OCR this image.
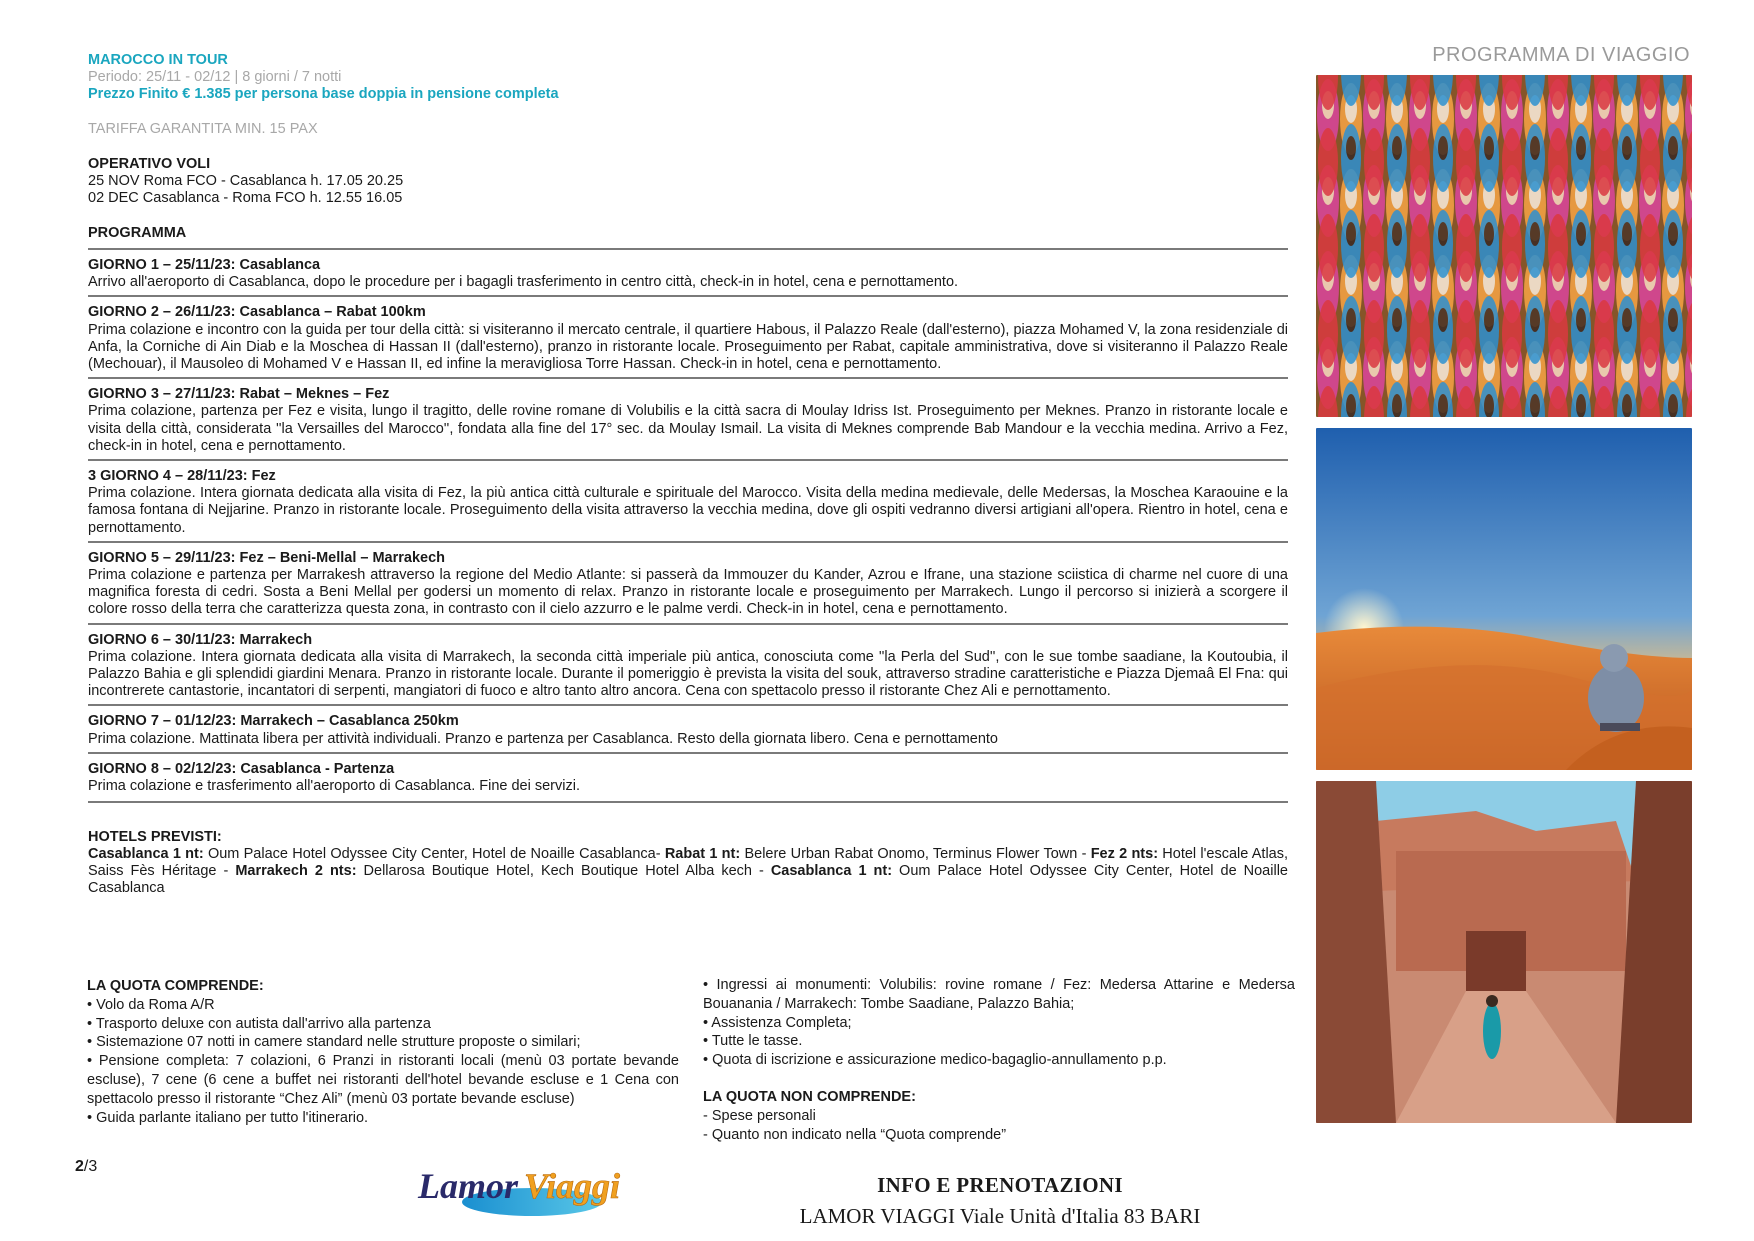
PROGRAMMA DI VIAGGIO
MAROCCO IN TOUR
Periodo: 25/11 - 02/12 | 8 giorni / 7 notti
Prezzo Finito € 1.385 per persona base doppia in pensione completa
TARIFFA GARANTITA MIN. 15 PAX
OPERATIVO VOLI
25 NOV Roma FCO - Casablanca h. 17.05 20.25
02 DEC Casablanca - Roma FCO h. 12.55 16.05
PROGRAMMA
GIORNO 1 – 25/11/23: Casablanca
Arrivo all'aeroporto di Casablanca, dopo le procedure per i bagagli trasferimento in centro città, check-in in hotel, cena e pernottamento.
GIORNO 2 – 26/11/23: Casablanca – Rabat 100km
Prima colazione e incontro con la guida per tour della città: si visiteranno il mercato centrale, il quartiere Habous, il Palazzo Reale (dall'esterno), piazza Mohamed V, la zona residenziale di Anfa, la Corniche di Ain Diab e la Moschea di Hassan II (dall'esterno), pranzo in ristorante locale. Proseguimento per Rabat, capitale amministrativa, dove si visiteranno il Palazzo Reale (Mechouar), il Mausoleo di Mohamed V e Hassan II, ed infine la meravigliosa Torre Hassan. Check-in in hotel, cena e pernottamento.
GIORNO 3 – 27/11/23: Rabat – Meknes – Fez
Prima colazione, partenza per Fez e visita, lungo il tragitto, delle rovine romane di Volubilis e la città sacra di Moulay Idriss Ist. Proseguimento per Meknes. Pranzo in ristorante locale e visita della città, considerata ''la Versailles del Marocco'', fondata alla fine del 17° sec. da Moulay Ismail. La visita di Meknes comprende Bab Mandour e la vecchia medina. Arrivo a Fez, check-in in hotel, cena e pernottamento.
3 GIORNO 4 – 28/11/23: Fez
Prima colazione. Intera giornata dedicata alla visita di Fez, la più antica città culturale e spirituale del Marocco. Visita della medina medievale, delle Medersas, la Moschea Karaouine e la famosa fontana di Nejjarine. Pranzo in ristorante locale. Proseguimento della visita attraverso la vecchia medina, dove gli ospiti vedranno diversi artigiani all'opera. Rientro in hotel, cena e pernottamento.
GIORNO 5 – 29/11/23: Fez – Beni-Mellal – Marrakech
Prima colazione e partenza per Marrakesh attraverso la regione del Medio Atlante: si passerà da Immouzer du Kander, Azrou e Ifrane, una stazione sciistica di charme nel cuore di una magnifica foresta di cedri. Sosta a Beni Mellal per godersi un momento di relax. Pranzo in ristorante locale e proseguimento per Marrakech. Lungo il percorso si inizierà a scorgere il colore rosso della terra che caratterizza questa zona, in contrasto con il cielo azzurro e le palme verdi. Check-in in hotel, cena e pernottamento.
GIORNO 6 – 30/11/23: Marrakech
Prima colazione. Intera giornata dedicata alla visita di Marrakech, la seconda città imperiale più antica, conosciuta come ''la Perla del Sud'', con le sue tombe saadiane, la Koutoubia, il Palazzo Bahia e gli splendidi giardini Menara. Pranzo in ristorante locale. Durante il pomeriggio è prevista la visita del souk, attraverso stradine caratteristiche e Piazza Djemaâ El Fna: qui incontrerete cantastorie, incantatori di serpenti, mangiatori di fuoco e altro tanto altro ancora. Cena con spettacolo presso il ristorante Chez Ali e pernottamento.
GIORNO 7 – 01/12/23: Marrakech – Casablanca 250km
Prima colazione. Mattinata libera per attività individuali. Pranzo e partenza per Casablanca. Resto della giornata libero. Cena e pernottamento
GIORNO 8 – 02/12/23: Casablanca - Partenza
Prima colazione e trasferimento all'aeroporto di Casablanca. Fine dei servizi.
HOTELS PREVISTI:
Casablanca 1 nt: Oum Palace Hotel Odyssee City Center, Hotel de Noaille Casablanca- Rabat 1 nt: Belere Urban Rabat Onomo, Terminus Flower Town - Fez 2 nts: Hotel l'escale Atlas, Saiss Fès Héritage - Marrakech 2 nts: Dellarosa Boutique Hotel, Kech Boutique Hotel Alba kech - Casablanca 1 nt: Oum Palace Hotel Odyssee City Center, Hotel de Noaille Casablanca
LA QUOTA COMPRENDE:
• Volo da Roma A/R
• Trasporto deluxe con autista dall'arrivo alla partenza
• Sistemazione 07 notti in camere standard nelle strutture proposte o similari;
• Pensione completa: 7 colazioni, 6 Pranzi in ristoranti locali (menù 03 portate bevande escluse), 7 cene (6 cene a buffet nei ristoranti dell'hotel bevande escluse e 1 Cena con spettacolo presso il ristorante “Chez Ali” (menù 03 portate bevande escluse)
• Guida parlante italiano per tutto l'itinerario.
• Ingressi ai monumenti: Volubilis: rovine romane / Fez: Medersa Attarine e Medersa Bouanania / Marrakech: Tombe Saadiane, Palazzo Bahia;
• Assistenza Completa;
• Tutte le tasse.
• Quota di iscrizione e assicurazione medico-bagaglio-annullamento p.p.
LA QUOTA NON COMPRENDE:
- Spese personali
- Quanto non indicato nella “Quota comprende”
2/3	Lamor Viaggi	INFO E PRENOTAZIONI
LAMOR VIAGGI Viale Unità d'Italia 83 BARI
